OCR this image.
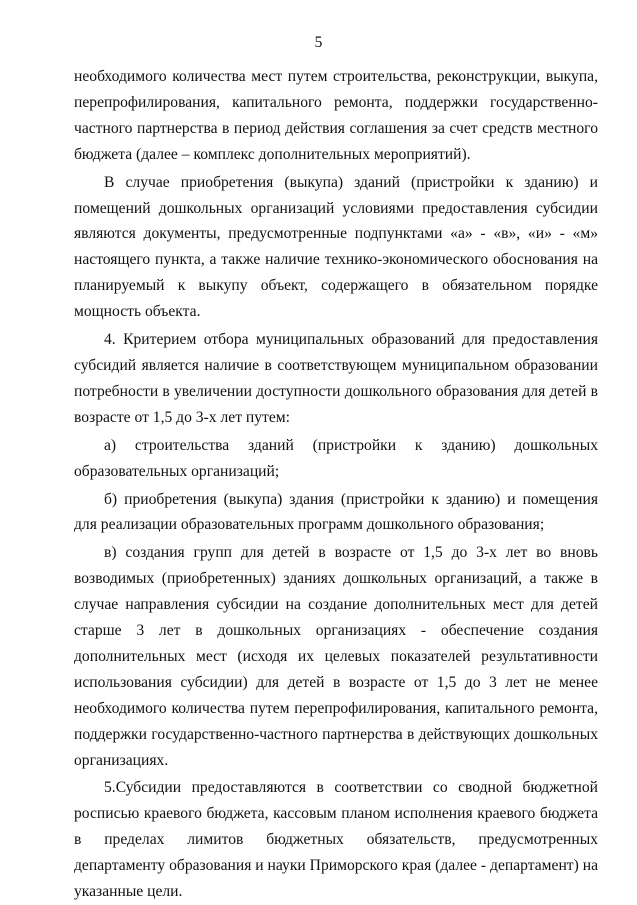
5

необходимого количества мест путем строительства, реконструкции, выкупа, перепрофилирования, капитального ремонта, поддержки государственно-частного партнерства в период действия соглашения за счет средств местного бюджета (далее – комплекс дополнительных мероприятий).

В случае приобретения (выкупа) зданий (пристройки к зданию) и помещений дошкольных организаций условиями предоставления субсидии являются документы, предусмотренные подпунктами «а» - «в», «и» - «м» настоящего пункта, а также наличие технико-экономического обоснования на планируемый к выкупу объект, содержащего в обязательном порядке мощность объекта.

4. Критерием отбора муниципальных образований для предоставления субсидий является наличие в соответствующем муниципальном образовании потребности в увеличении доступности дошкольного образования для детей в возрасте от 1,5 до 3-х лет путем:

а) строительства зданий (пристройки к зданию) дошкольных образовательных организаций;

б) приобретения (выкупа) здания (пристройки к зданию) и помещения для реализации образовательных программ дошкольного образования;

в) создания групп для детей в возрасте от 1,5 до 3-х лет во вновь возводимых (приобретенных) зданиях дошкольных организаций, а также в случае направления субсидии на создание дополнительных мест для детей старше 3 лет в дошкольных организациях - обеспечение создания дополнительных мест (исходя их целевых показателей результативности использования субсидии) для детей в возрасте от 1,5 до 3 лет не менее необходимого количества путем перепрофилирования, капитального ремонта, поддержки государственно-частного партнерства в действующих дошкольных организациях.

5.Субсидии предоставляются в соответствии со сводной бюджетной росписью краевого бюджета, кассовым планом исполнения краевого бюджета в пределах лимитов бюджетных обязательств, предусмотренных департаменту образования и науки Приморского края (далее - департамент) на указанные цели.
